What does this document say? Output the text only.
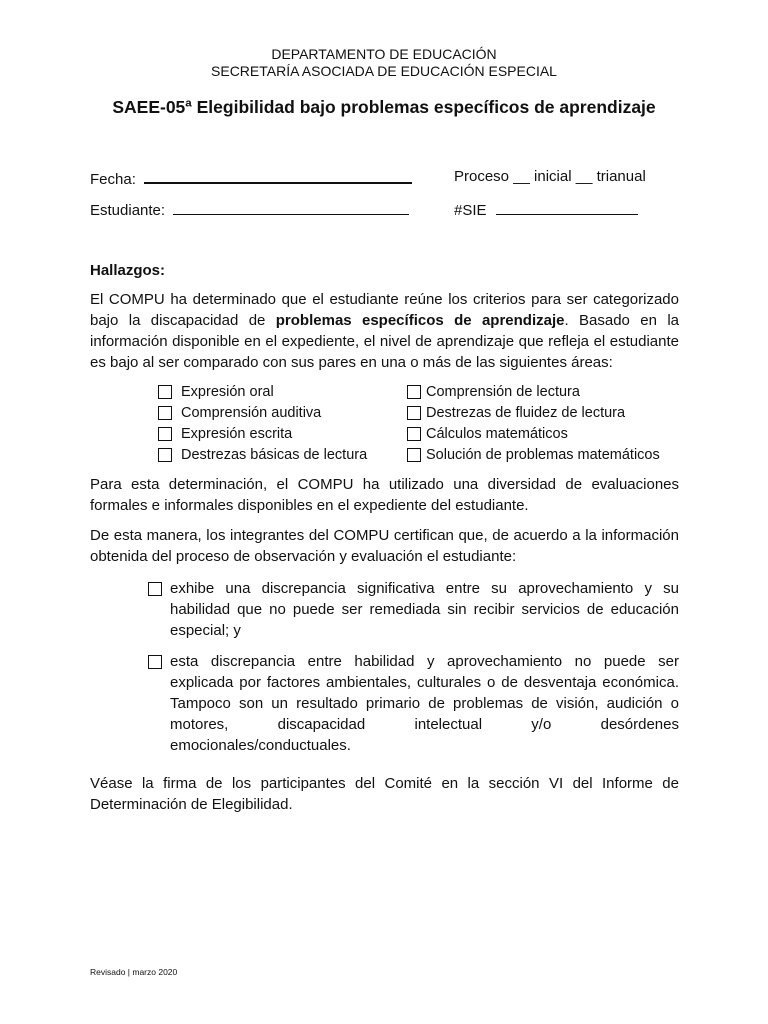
DEPARTAMENTO DE EDUCACIÓN
SECRETARÍA ASOCIADA DE EDUCACIÓN ESPECIAL
SAEE-05ª Elegibilidad bajo problemas específicos de aprendizaje
Fecha:	Proceso __ inicial __ trianual
Estudiante:	#SIE
Hallazgos:
El COMPU ha determinado que el estudiante reúne los criterios para ser categorizado bajo la discapacidad de problemas específicos de aprendizaje. Basado en la información disponible en el expediente, el nivel de aprendizaje que refleja el estudiante es bajo al ser comparado con sus pares en una o más de las siguientes áreas:
Expresión oral
Comprensión auditiva
Expresión escrita
Destrezas básicas de lectura
Comprensión de lectura
Destrezas de fluidez de lectura
Cálculos matemáticos
Solución de problemas matemáticos
Para esta determinación, el COMPU ha utilizado una diversidad de evaluaciones formales e informales disponibles en el expediente del estudiante.
De esta manera, los integrantes del COMPU certifican que, de acuerdo a la información obtenida del proceso de observación y evaluación el estudiante:
exhibe una discrepancia significativa entre su aprovechamiento y su habilidad que no puede ser remediada sin recibir servicios de educación especial; y
esta discrepancia entre habilidad y aprovechamiento no puede ser explicada por factores ambientales, culturales o de desventaja económica. Tampoco son un resultado primario de problemas de visión, audición o motores, discapacidad intelectual y/o desórdenes emocionales/conductuales.
Véase la firma de los participantes del Comité en la sección VI del Informe de Determinación de Elegibilidad.
Revisado | marzo 2020
